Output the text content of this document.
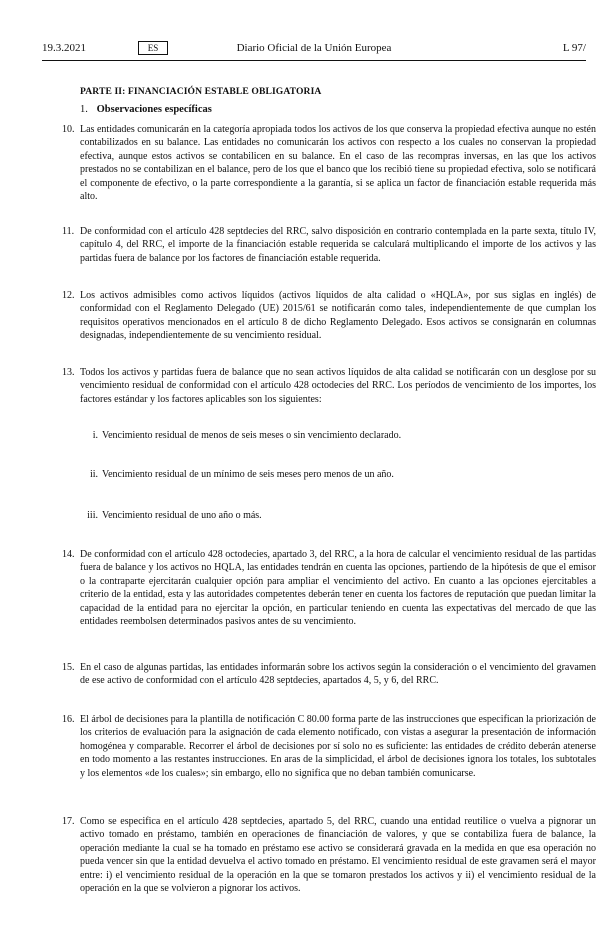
19.3.2021	ES	Diario Oficial de la Unión Europea	L 97/
PARTE II: FINANCIACIÓN ESTABLE OBLIGATORIA
1. Observaciones específicas
10. Las entidades comunicarán en la categoría apropiada todos los activos de los que conserva la propiedad efectiva aunque no estén contabilizados en su balance. Las entidades no comunicarán los activos con respecto a los cuales no conservan la propiedad efectiva, aunque estos activos se contabilicen en su balance. En el caso de las recompras inversas, en las que los activos prestados no se contabilizan en el balance, pero de los que el banco que los recibió tiene su propiedad efectiva, solo se notificará el componente de efectivo, o la parte correspondiente a la garantía, si se aplica un factor de financiación estable requerida más alto.
11. De conformidad con el artículo 428 septdecies del RRC, salvo disposición en contrario contemplada en la parte sexta, título IV, capítulo 4, del RRC, el importe de la financiación estable requerida se calculará multiplicando el importe de los activos y las partidas fuera de balance por los factores de financiación estable requerida.
12. Los activos admisibles como activos líquidos (activos líquidos de alta calidad o «HQLA», por sus siglas en inglés) de conformidad con el Reglamento Delegado (UE) 2015/61 se notificarán como tales, independientemente de que cumplan los requisitos operativos mencionados en el artículo 8 de dicho Reglamento Delegado. Esos activos se consignarán en columnas designadas, independientemente de su vencimiento residual.
13. Todos los activos y partidas fuera de balance que no sean activos líquidos de alta calidad se notificarán con un desglose por su vencimiento residual de conformidad con el artículo 428 octodecies del RRC. Los períodos de vencimiento de los importes, los factores estándar y los factores aplicables son los siguientes:
i. Vencimiento residual de menos de seis meses o sin vencimiento declarado.
ii. Vencimiento residual de un mínimo de seis meses pero menos de un año.
iii. Vencimiento residual de uno año o más.
14. De conformidad con el artículo 428 octodecies, apartado 3, del RRC, a la hora de calcular el vencimiento residual de las partidas fuera de balance y los activos no HQLA, las entidades tendrán en cuenta las opciones, partiendo de la hipótesis de que el emisor o la contraparte ejercitarán cualquier opción para ampliar el vencimiento del activo. En cuanto a las opciones ejercitables a criterio de la entidad, esta y las autoridades competentes deberán tener en cuenta los factores de reputación que puedan limitar la capacidad de la entidad para no ejercitar la opción, en particular teniendo en cuenta las expectativas del mercado de que las entidades reembolsen determinados pasivos antes de su vencimiento.
15. En el caso de algunas partidas, las entidades informarán sobre los activos según la consideración o el vencimiento del gravamen de ese activo de conformidad con el artículo 428 septdecies, apartados 4, 5, y 6, del RRC.
16. El árbol de decisiones para la plantilla de notificación C 80.00 forma parte de las instrucciones que especifican la priorización de los criterios de evaluación para la asignación de cada elemento notificado, con vistas a asegurar la presentación de información homogénea y comparable. Recorrer el árbol de decisiones por sí solo no es suficiente: las entidades de crédito deberán atenerse en todo momento a las restantes instrucciones. En aras de la simplicidad, el árbol de decisiones ignora los totales, los subtotales y los elementos «de los cuales»; sin embargo, ello no significa que no deban también comunicarse.
17. Como se especifica en el artículo 428 septdecies, apartado 5, del RRC, cuando una entidad reutilice o vuelva a pignorar un activo tomado en préstamo, también en operaciones de financiación de valores, y que se contabiliza fuera de balance, la operación mediante la cual se ha tomado en préstamo ese activo se considerará gravada en la medida en que esa operación no pueda vencer sin que la entidad devuelva el activo tomado en préstamo. El vencimiento residual de este gravamen será el mayor entre: i) el vencimiento residual de la operación en la que se tomaron prestados los activos y ii) el vencimiento residual de la operación en la que se volvieron a pignorar los activos.
